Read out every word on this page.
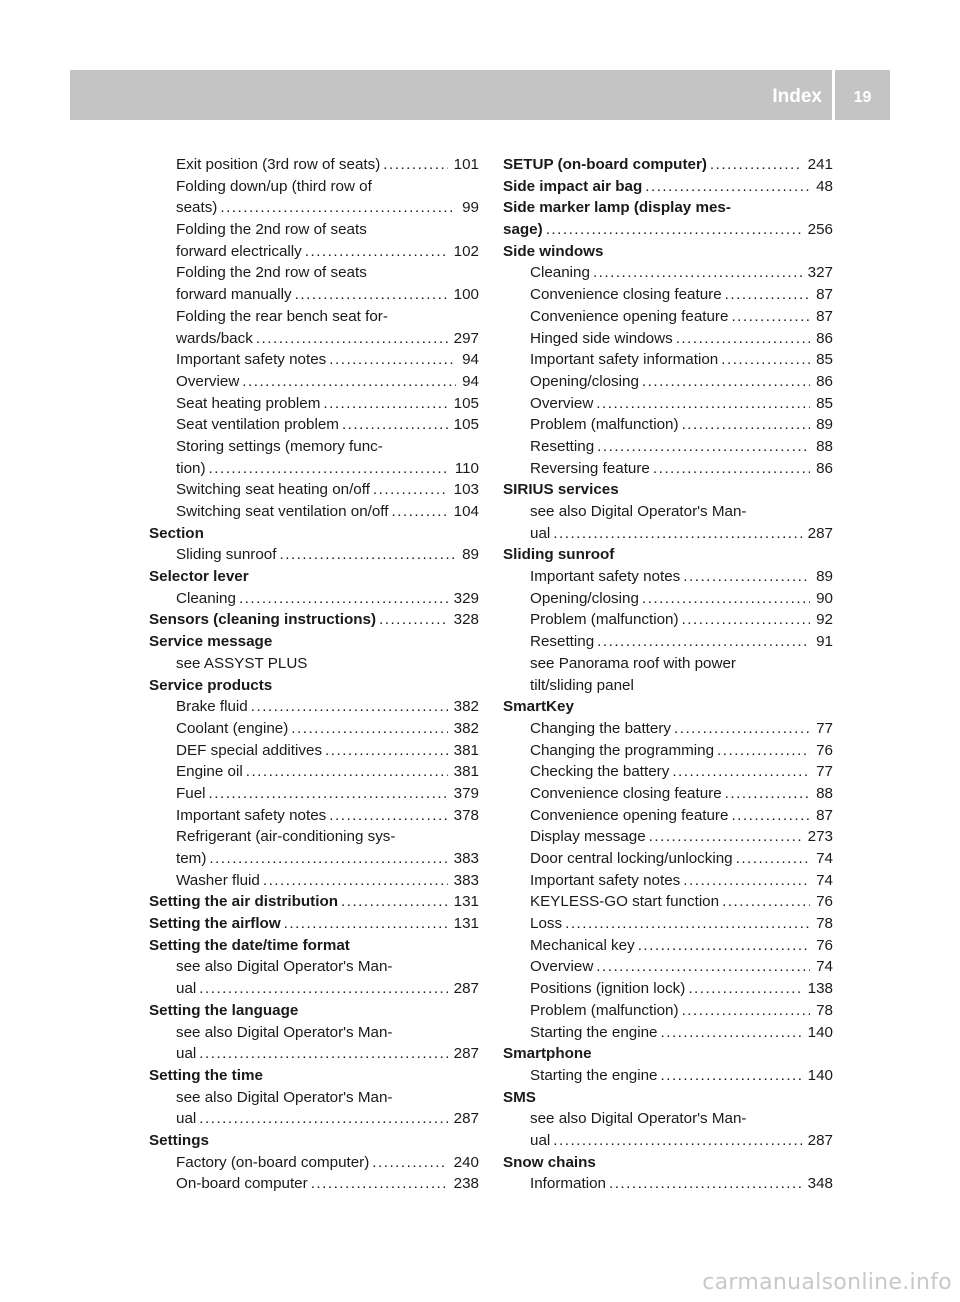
Index	19
Exit position (3rd row of seats) .....	101
Folding down/up (third row of
seats) .....	99
Folding the 2nd row of seats
forward electrically .....	102
Folding the 2nd row of seats
forward manually .....	100
Folding the rear bench seat for-
wards/back .....	297
Important safety notes .....	94
Overview .....	94
Seat heating problem .....	105
Seat ventilation problem .....	105
Storing settings (memory func-
tion) .....	110
Switching seat heating on/off .....	103
Switching seat ventilation on/off .....	104
Section
Sliding sunroof .....	89
Selector lever
Cleaning .....	329
Sensors (cleaning instructions) .....	328
Service message
see ASSYST PLUS
Service products
Brake fluid .....	382
Coolant (engine) .....	382
DEF special additives .....	381
Engine oil .....	381
Fuel .....	379
Important safety notes .....	378
Refrigerant (air-conditioning sys-
tem) .....	383
Washer fluid .....	383
Setting the air distribution .....	131
Setting the airflow .....	131
Setting the date/time format
see also Digital Operator's Man-
ual .....	287
Setting the language
see also Digital Operator's Man-
ual .....	287
Setting the time
see also Digital Operator's Man-
ual .....	287
Settings
Factory (on-board computer) .....	240
On-board computer .....	238
SETUP (on-board computer) .....	241
Side impact air bag .....	48
Side marker lamp (display mes-
sage) .....	256
Side windows
Cleaning .....	327
Convenience closing feature .....	87
Convenience opening feature .....	87
Hinged side windows .....	86
Important safety information .....	85
Opening/closing .....	86
Overview .....	85
Problem (malfunction) .....	89
Resetting .....	88
Reversing feature .....	86
SIRIUS services
see also Digital Operator's Man-
ual .....	287
Sliding sunroof
Important safety notes .....	89
Opening/closing .....	90
Problem (malfunction) .....	92
Resetting .....	91
see Panorama roof with power
tilt/sliding panel
SmartKey
Changing the battery .....	77
Changing the programming .....	76
Checking the battery .....	77
Convenience closing feature .....	88
Convenience opening feature .....	87
Display message .....	273
Door central locking/unlocking .....	74
Important safety notes .....	74
KEYLESS-GO start function .....	76
Loss .....	78
Mechanical key .....	76
Overview .....	74
Positions (ignition lock) .....	138
Problem (malfunction) .....	78
Starting the engine .....	140
Smartphone
Starting the engine .....	140
SMS
see also Digital Operator's Man-
ual .....	287
Snow chains
Information .....	348
carmanualsonline.info
